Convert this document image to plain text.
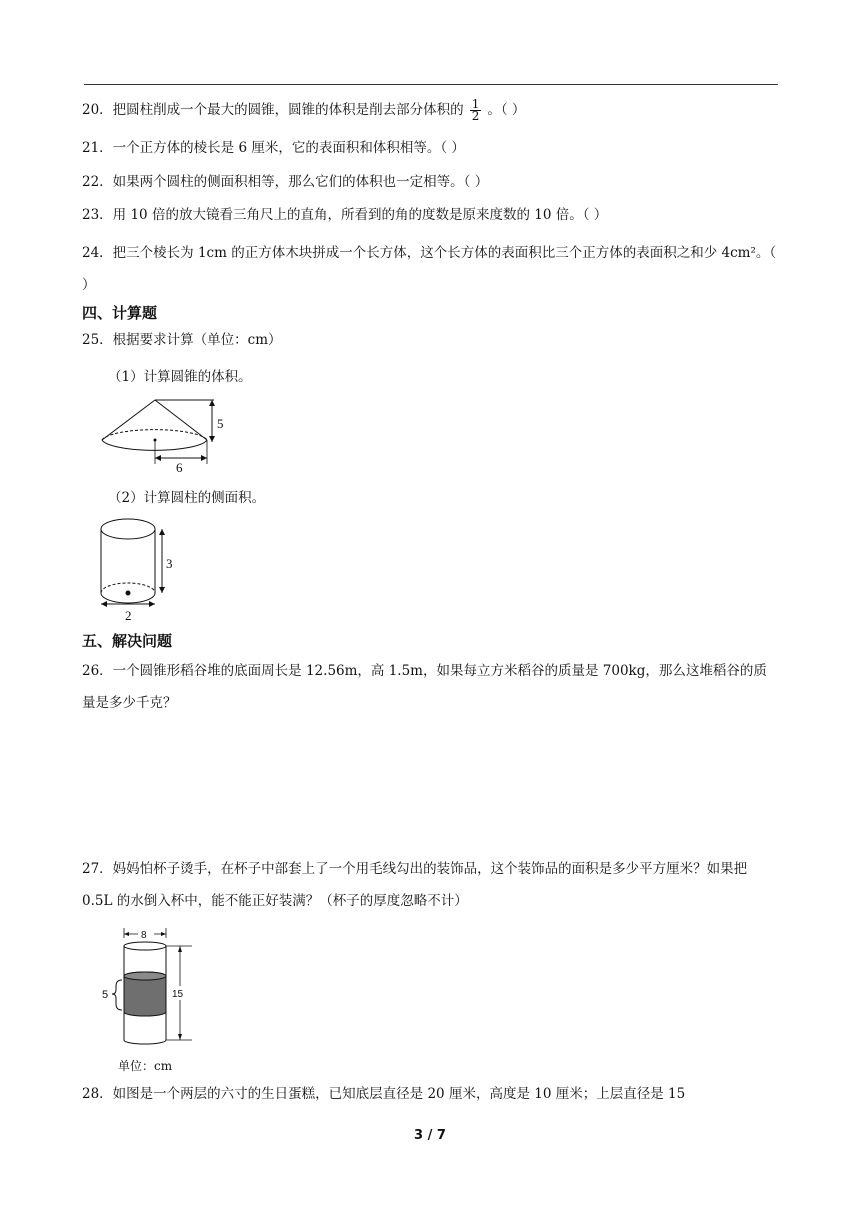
20．把圆柱削成一个最大的圆锥，圆锥的体积是削去部分体积的 $\frac{1}{2}$ 。（ ）
21．一个正方体的棱长是 6 厘米，它的表面积和体积相等。（ ）
22．如果两个圆柱的侧面积相等，那么它们的体积也一定相等。（ ）
23．用 10 倍的放大镜看三角尺上的直角，所看到的角的度数是原来度数的 10 倍。（ ）
24．把三个棱长为 1cm 的正方体木块拼成一个长方体，这个长方体的表面积比三个正方体的表面积之和少 4cm²。（ ）
四、计算题
25．根据要求计算（单位：cm）
（1）计算圆锥的体积。
5
6
（2）计算圆柱的侧面积。
3
2
五、解决问题
26．一个圆锥形稻谷堆的底面周长是 12.56m，高 1.5m，如果每立方米稻谷的质量是 700kg，那么这堆稻谷的质量是多少千克？
27．妈妈怕杯子烫手，在杯子中部套上了一个用毛线勾出的装饰品，这个装饰品的面积是多少平方厘米？如果把 0.5L 的水倒入杯中，能不能正好装满？（杯子的厚度忽略不计）
8
5	15
单位：cm
28．如图是一个两层的六寸的生日蛋糕，已知底层直径是 20 厘米，高度是 10 厘米；上层直径是 15
3 / 7
